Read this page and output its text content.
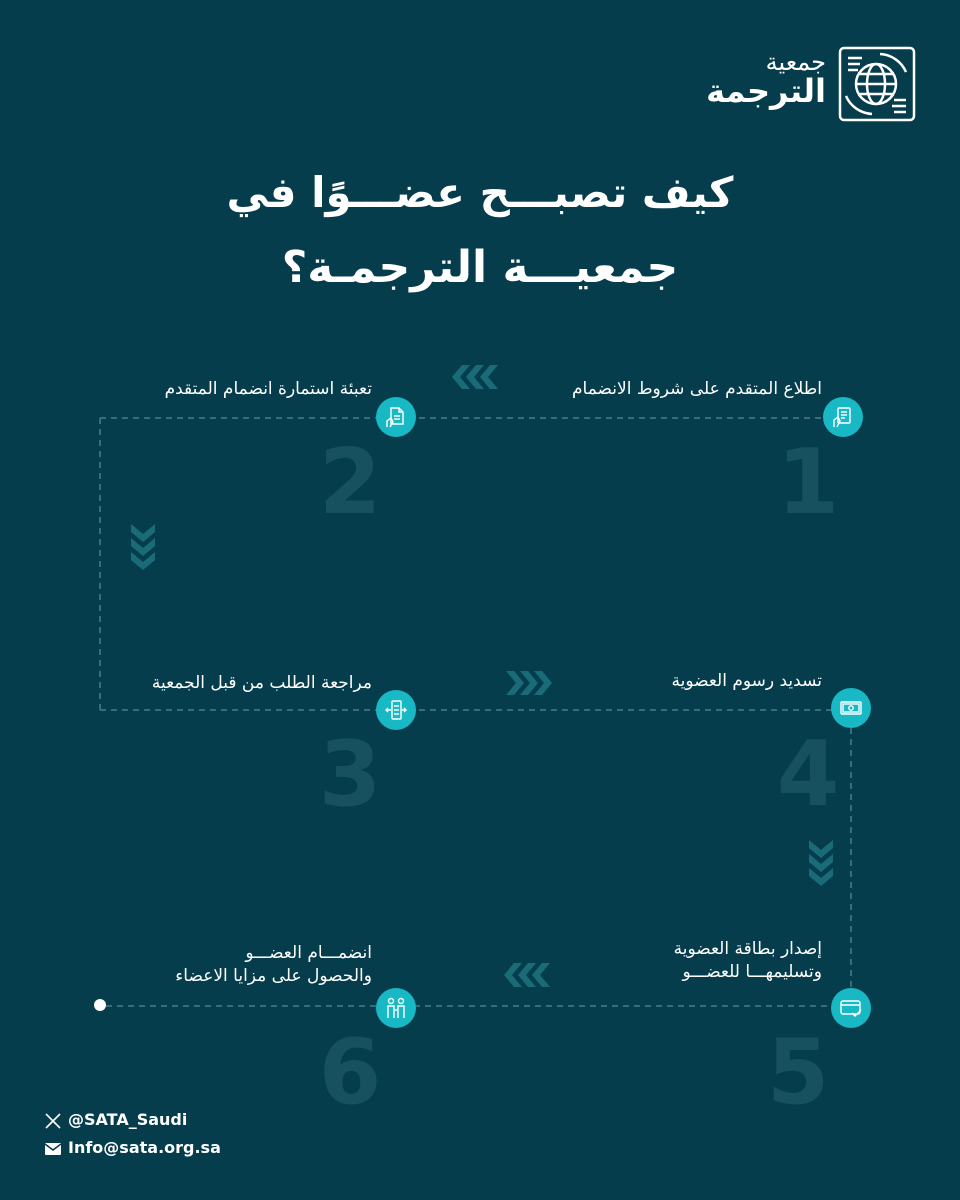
جمعية
الترجمة
كيف تصبـــح عضـــوًا في
جمعيـــة الترجمـة؟
اطلاع المتقدم على شروط الانضمام
1
تعبئة استمارة انضمام المتقدم
2
مراجعة الطلب من قبل الجمعية
3
تسديد رسوم العضوية
4
إصدار بطاقة العضوية
وتسليمهـــا للعضـــو
5
انضمـــام العضـــو
والحصول على مزايا الاعضاء
6
@SATA_Saudi
Info@sata.org.sa
